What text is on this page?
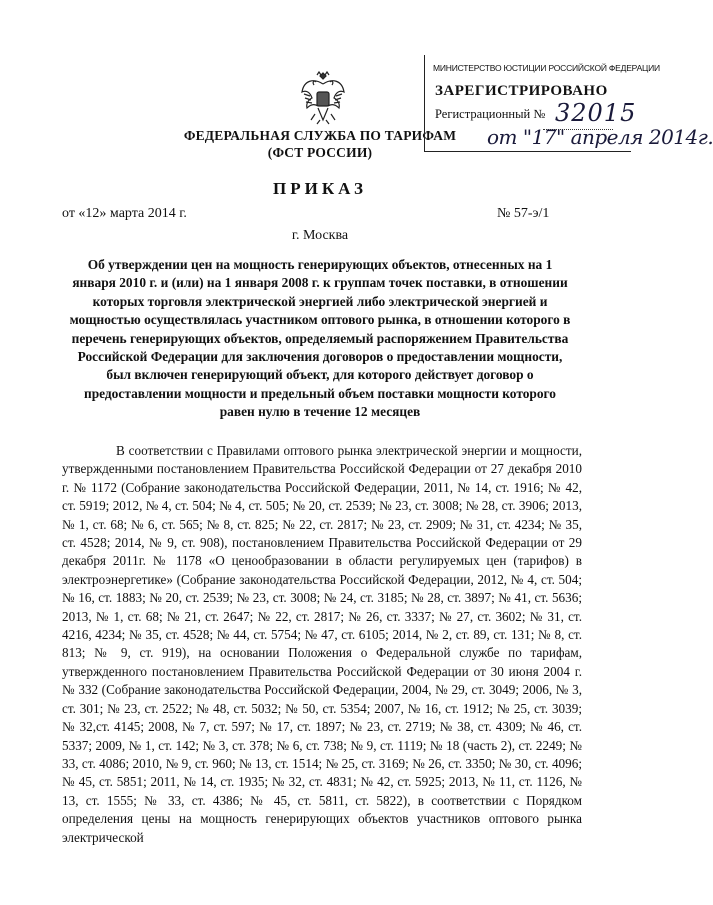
ФЕДЕРАЛЬНАЯ СЛУЖБА ПО ТАРИФАМ
(ФСТ РОССИИ)
МИНИСТЕРСТВО ЮСТИЦИИ РОССИЙСКОЙ ФЕДЕРАЦИИ
ЗАРЕГИСТРИРОВАНО
Регистрационный № 32015
от "17" апреля 2014г.
ПРИКАЗ
от «12» марта 2014 г.	№ 57-э/1
г. Москва
Об утверждении цен на мощность генерирующих объектов, отнесенных на 1 января 2010 г. и (или) на 1 января 2008 г. к группам точек поставки, в отношении которых торговля электрической энергией либо электрической энергией и мощностью осуществлялась участником оптового рынка, в отношении которого в перечень генерирующих объектов, определяемый распоряжением Правительства Российской Федерации для заключения договоров о предоставлении мощности, был включен генерирующий объект, для которого действует договор о предоставлении мощности и предельный объем поставки мощности которого равен нулю в течение 12 месяцев

В соответствии с Правилами оптового рынка электрической энергии и мощности, утвержденными постановлением Правительства Российской Федерации от 27 декабря 2010 г. № 1172 (Собрание законодательства Российской Федерации, 2011, № 14, ст. 1916; № 42, ст. 5919; 2012, № 4, ст. 504; № 4, ст. 505; № 20, ст. 2539; № 23, ст. 3008; № 28, ст. 3906; 2013, № 1, ст. 68; № 6, ст. 565; № 8, ст. 825; № 22, ст. 2817; № 23, ст. 2909; № 31, ст. 4234; № 35, ст. 4528; 2014, № 9, ст. 908), постановлением Правительства Российской Федерации от 29 декабря 2011г. № 1178 «О ценообразовании в области регулируемых цен (тарифов) в электроэнергетике» (Собрание законодательства Российской Федерации, 2012, № 4, ст. 504; № 16, ст. 1883; № 20, ст. 2539; № 23, ст. 3008; № 24, ст. 3185; № 28, ст. 3897; № 41, ст. 5636; 2013, № 1, ст. 68; № 21, ст. 2647; № 22, ст. 2817; № 26, ст. 3337; № 27, ст. 3602; № 31, ст. 4216, 4234; № 35, ст. 4528; № 44, ст. 5754; № 47, ст. 6105; 2014, № 2, ст. 89, ст. 131; № 8, ст. 813; № 9, ст. 919), на основании Положения о Федеральной службе по тарифам, утвержденного постановлением Правительства Российской Федерации от 30 июня 2004 г. № 332 (Собрание законодательства Российской Федерации, 2004, № 29, ст. 3049; 2006, № 3, ст. 301; № 23, ст. 2522; № 48, ст. 5032; № 50, ст. 5354; 2007, № 16, ст. 1912; № 25, ст. 3039; № 32,ст. 4145; 2008, № 7, ст. 597; № 17, ст. 1897; № 23, ст. 2719; № 38, ст. 4309; № 46, ст. 5337; 2009, № 1, ст. 142; № 3, ст. 378; № 6, ст. 738; № 9, ст. 1119; № 18 (часть 2), ст. 2249; № 33, ст. 4086; 2010, № 9, ст. 960; № 13, ст. 1514; № 25, ст. 3169; № 26, ст. 3350; № 30, ст. 4096; № 45, ст. 5851; 2011, № 14, ст. 1935; № 32, ст. 4831; № 42, ст. 5925; 2013, № 11, ст. 1126, № 13, ст. 1555; № 33, ст. 4386; № 45, ст. 5811, ст. 5822), в соответствии с Порядком определения цены на мощность генерирующих объектов участников оптового рынка электрической
